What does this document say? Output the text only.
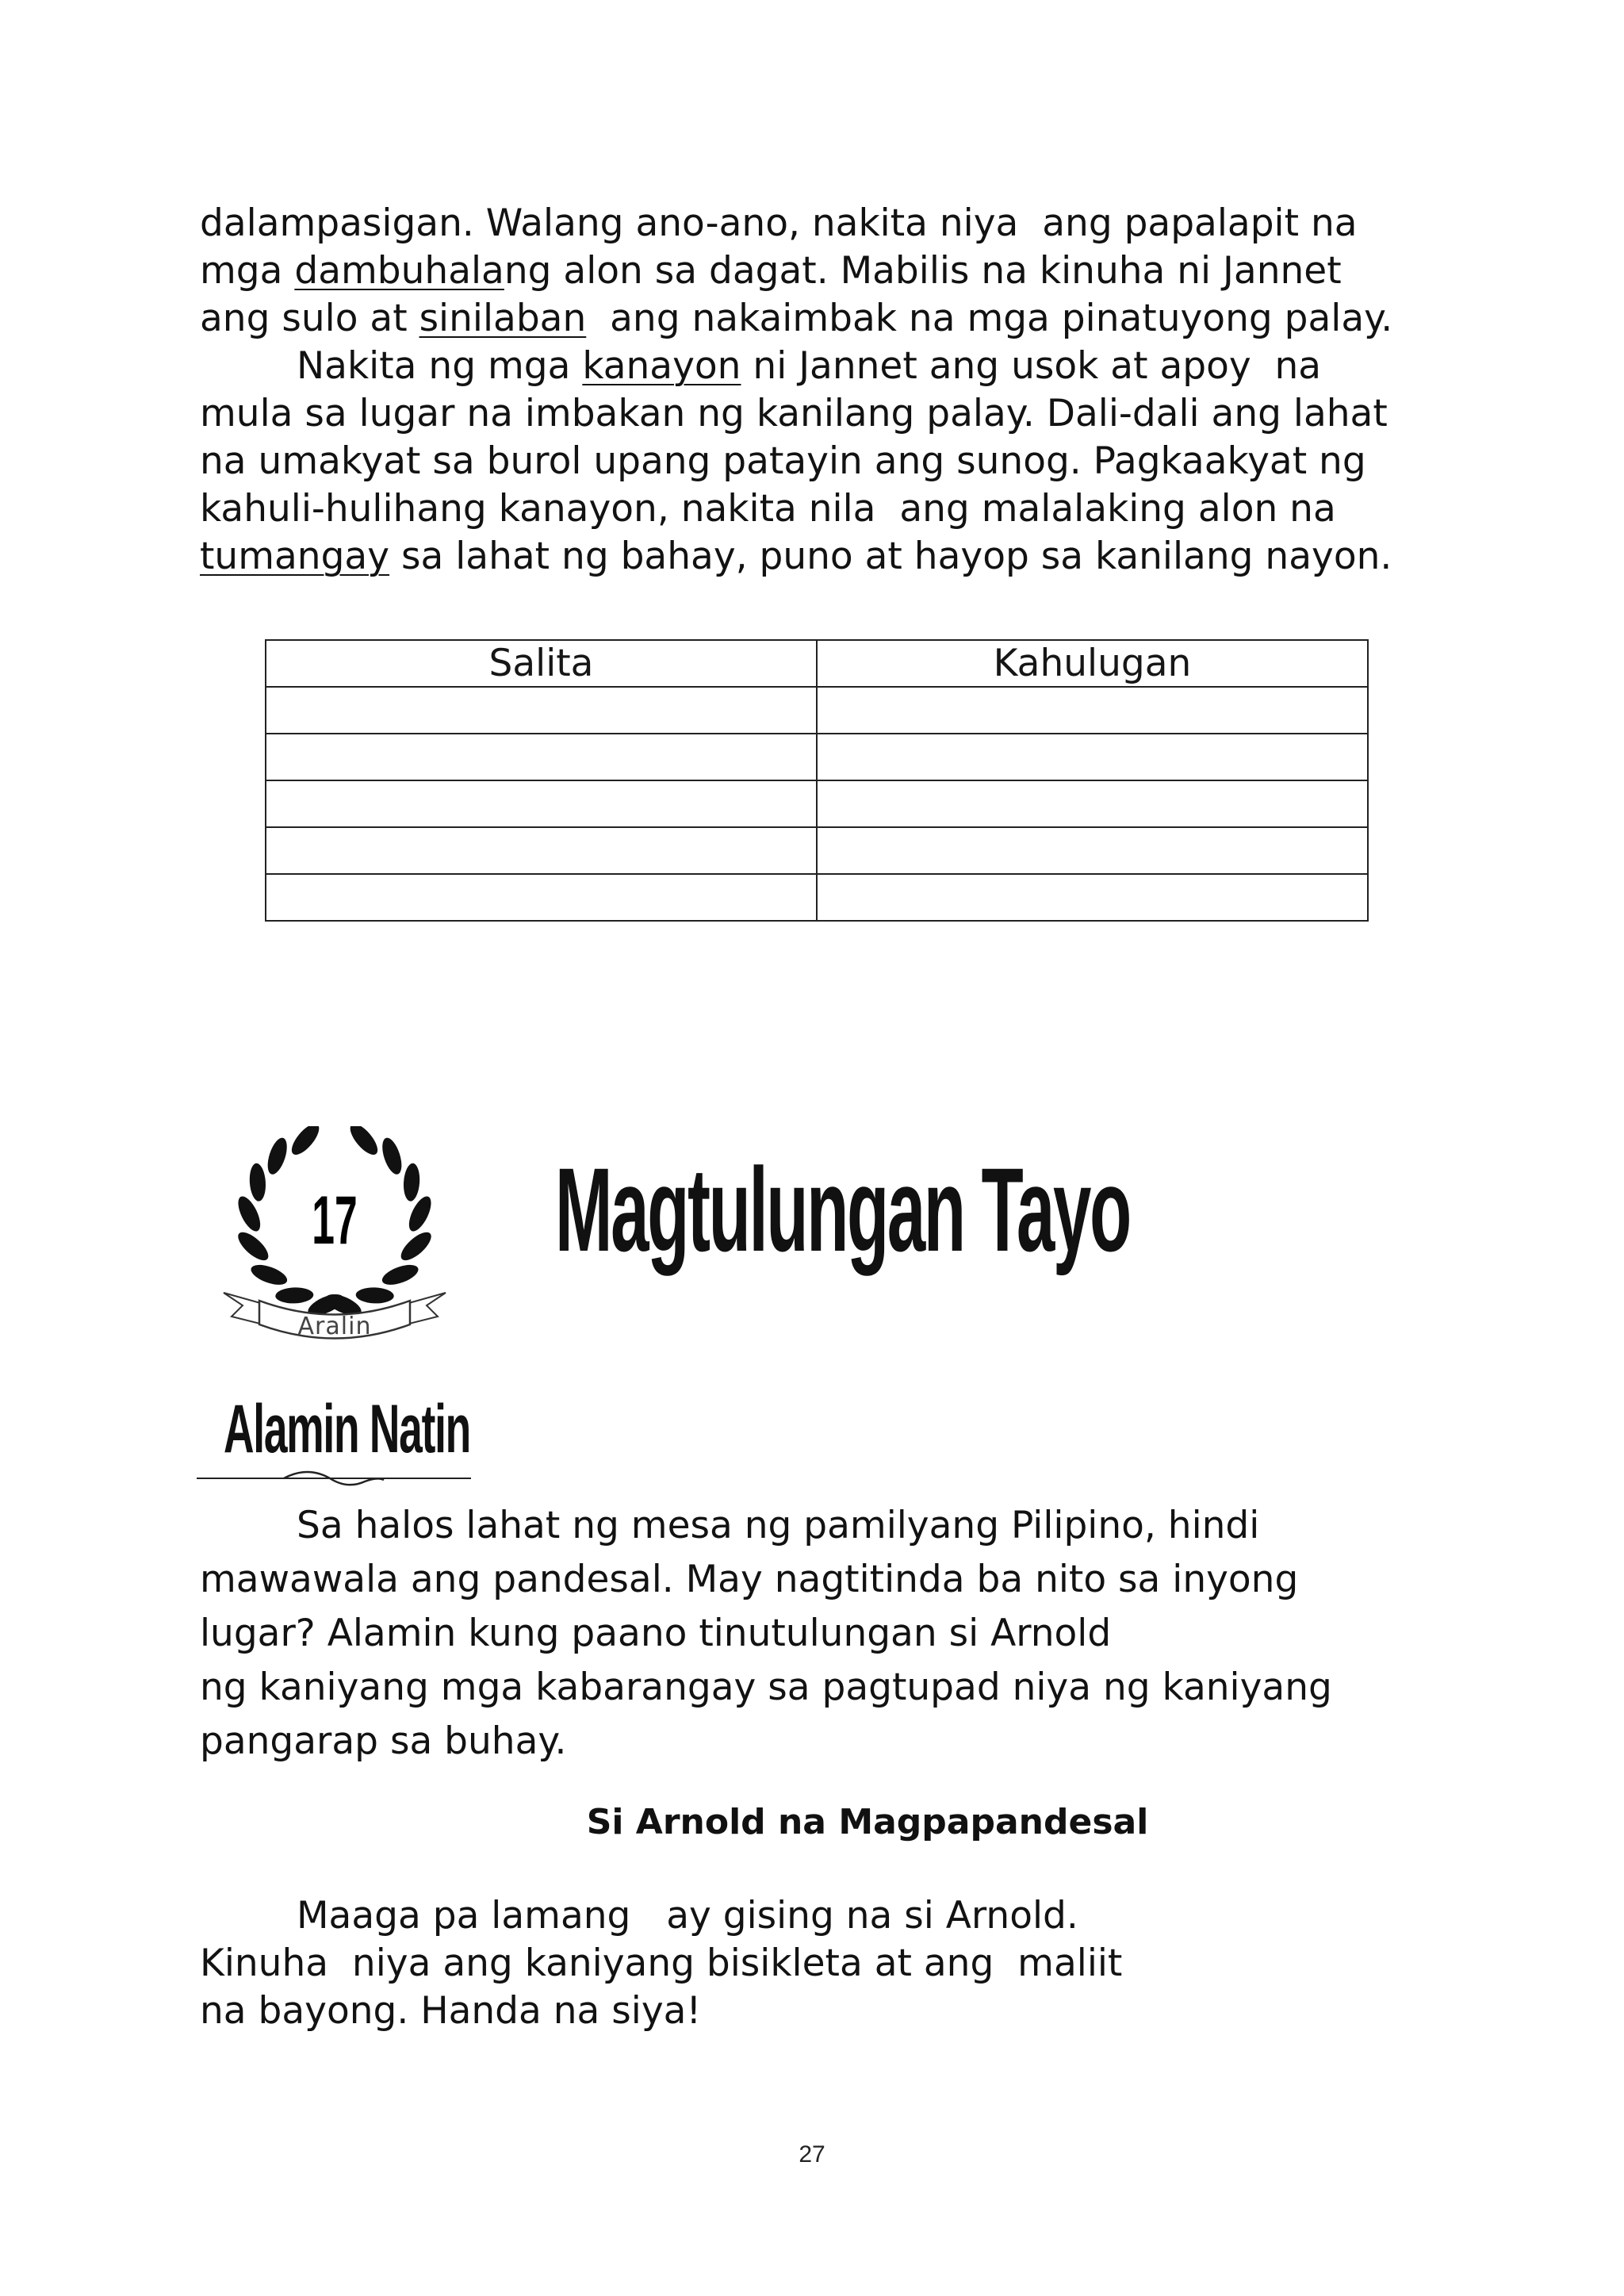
dalampasigan. Walang ano-ano, nakita niya  ang papalapit na
mga dambuhalang alon sa dagat. Mabilis na kinuha ni Jannet
ang sulo at sinilaban  ang nakaimbak na mga pinatuyong palay.
Nakita ng mga kanayon ni Jannet ang usok at apoy  na
mula sa lugar na imbakan ng kanilang palay. Dali-dali ang lahat
na umakyat sa burol upang patayin ang sunog. Pagkaakyat ng
kahuli-hulihang kanayon, nakita nila  ang malalaking alon na
tumangay sa lahat ng bahay, puno at hayop sa kanilang nayon.
Salita	Kahulugan

17
Aralin
Magtulungan Tayo
Alamin Natin
Sa halos lahat ng mesa ng pamilyang Pilipino, hindi
mawawala ang pandesal. May nagtitinda ba nito sa inyong
lugar? Alamin kung paano tinutulungan si Arnold
ng kaniyang mga kabarangay sa pagtupad niya ng kaniyang
pangarap sa buhay.
Si Arnold na Magpapandesal
Maaga pa lamang   ay gising na si Arnold.
Kinuha  niya ang kaniyang bisikleta at ang  maliit
na bayong. Handa na siya!
27
